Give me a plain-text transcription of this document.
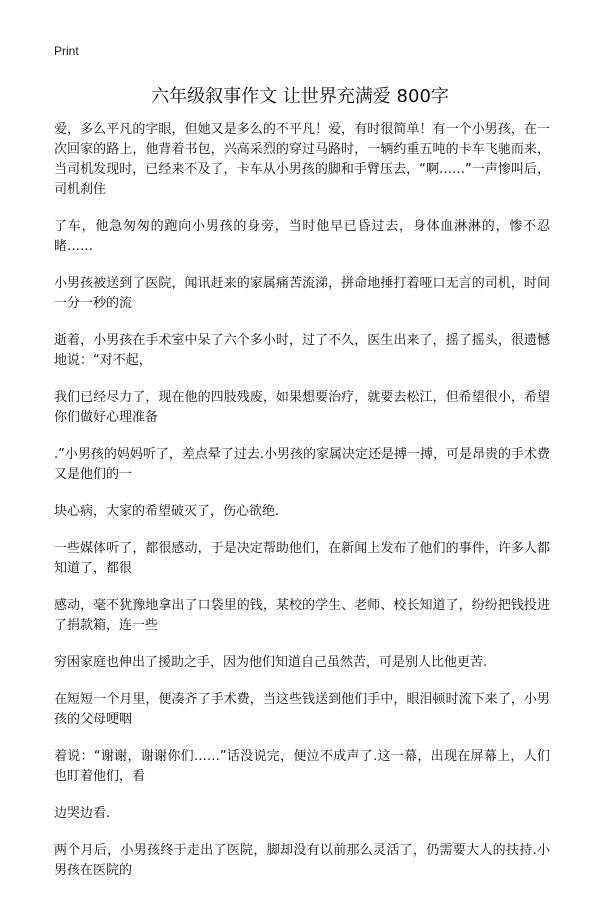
Print
六年级叙事作文 让世界充满爱 800字

爱，多么平凡的字眼，但她又是多么的不平凡！爱，有时很简单！有一个小男孩，在一次回家的路上，他背着书包，兴高采烈的穿过马路时，一辆约重五吨的卡车飞驰而来，当司机发现时，已经来不及了，卡车从小男孩的脚和手臂压去，“啊……”一声惨叫后，司机刹住

了车，他急匆匆的跑向小男孩的身旁，当时他早已昏过去，身体血淋淋的，惨不忍睹……

小男孩被送到了医院，闻讯赶来的家属痛苦流涕，拼命地捶打着哑口无言的司机，时间一分一秒的流

逝着，小男孩在手术室中呆了六个多小时，过了不久，医生出来了，摇了摇头，很遗憾地说：“对不起，

我们已经尽力了，现在他的四肢残废，如果想要治疗，就要去松江，但希望很小，希望你们做好心理准备

.”小男孩的妈妈听了，差点晕了过去.小男孩的家属决定还是搏一搏，可是昂贵的手术费又是他们的一

块心病，大家的希望破灭了，伤心欲绝.

一些媒体听了，都很感动，于是决定帮助他们，在新闻上发布了他们的事件，许多人都知道了，都很

感动，毫不犹豫地拿出了口袋里的钱，某校的学生、老师、校长知道了，纷纷把钱投进了捐款箱，连一些

穷困家庭也伸出了援助之手，因为他们知道自己虽然苦，可是别人比他更苦.

在短短一个月里，便凑齐了手术费，当这些钱送到他们手中，眼泪顿时流下来了，小男孩的父母哽咽

着说：“谢谢，谢谢你们……”话没说完，便泣不成声了.这一幕，出现在屏幕上，人们也盯着他们，看

边哭边看.

两个月后，小男孩终于走出了医院，脚却没有以前那么灵活了，仍需要大人的扶持.小男孩在医院的
